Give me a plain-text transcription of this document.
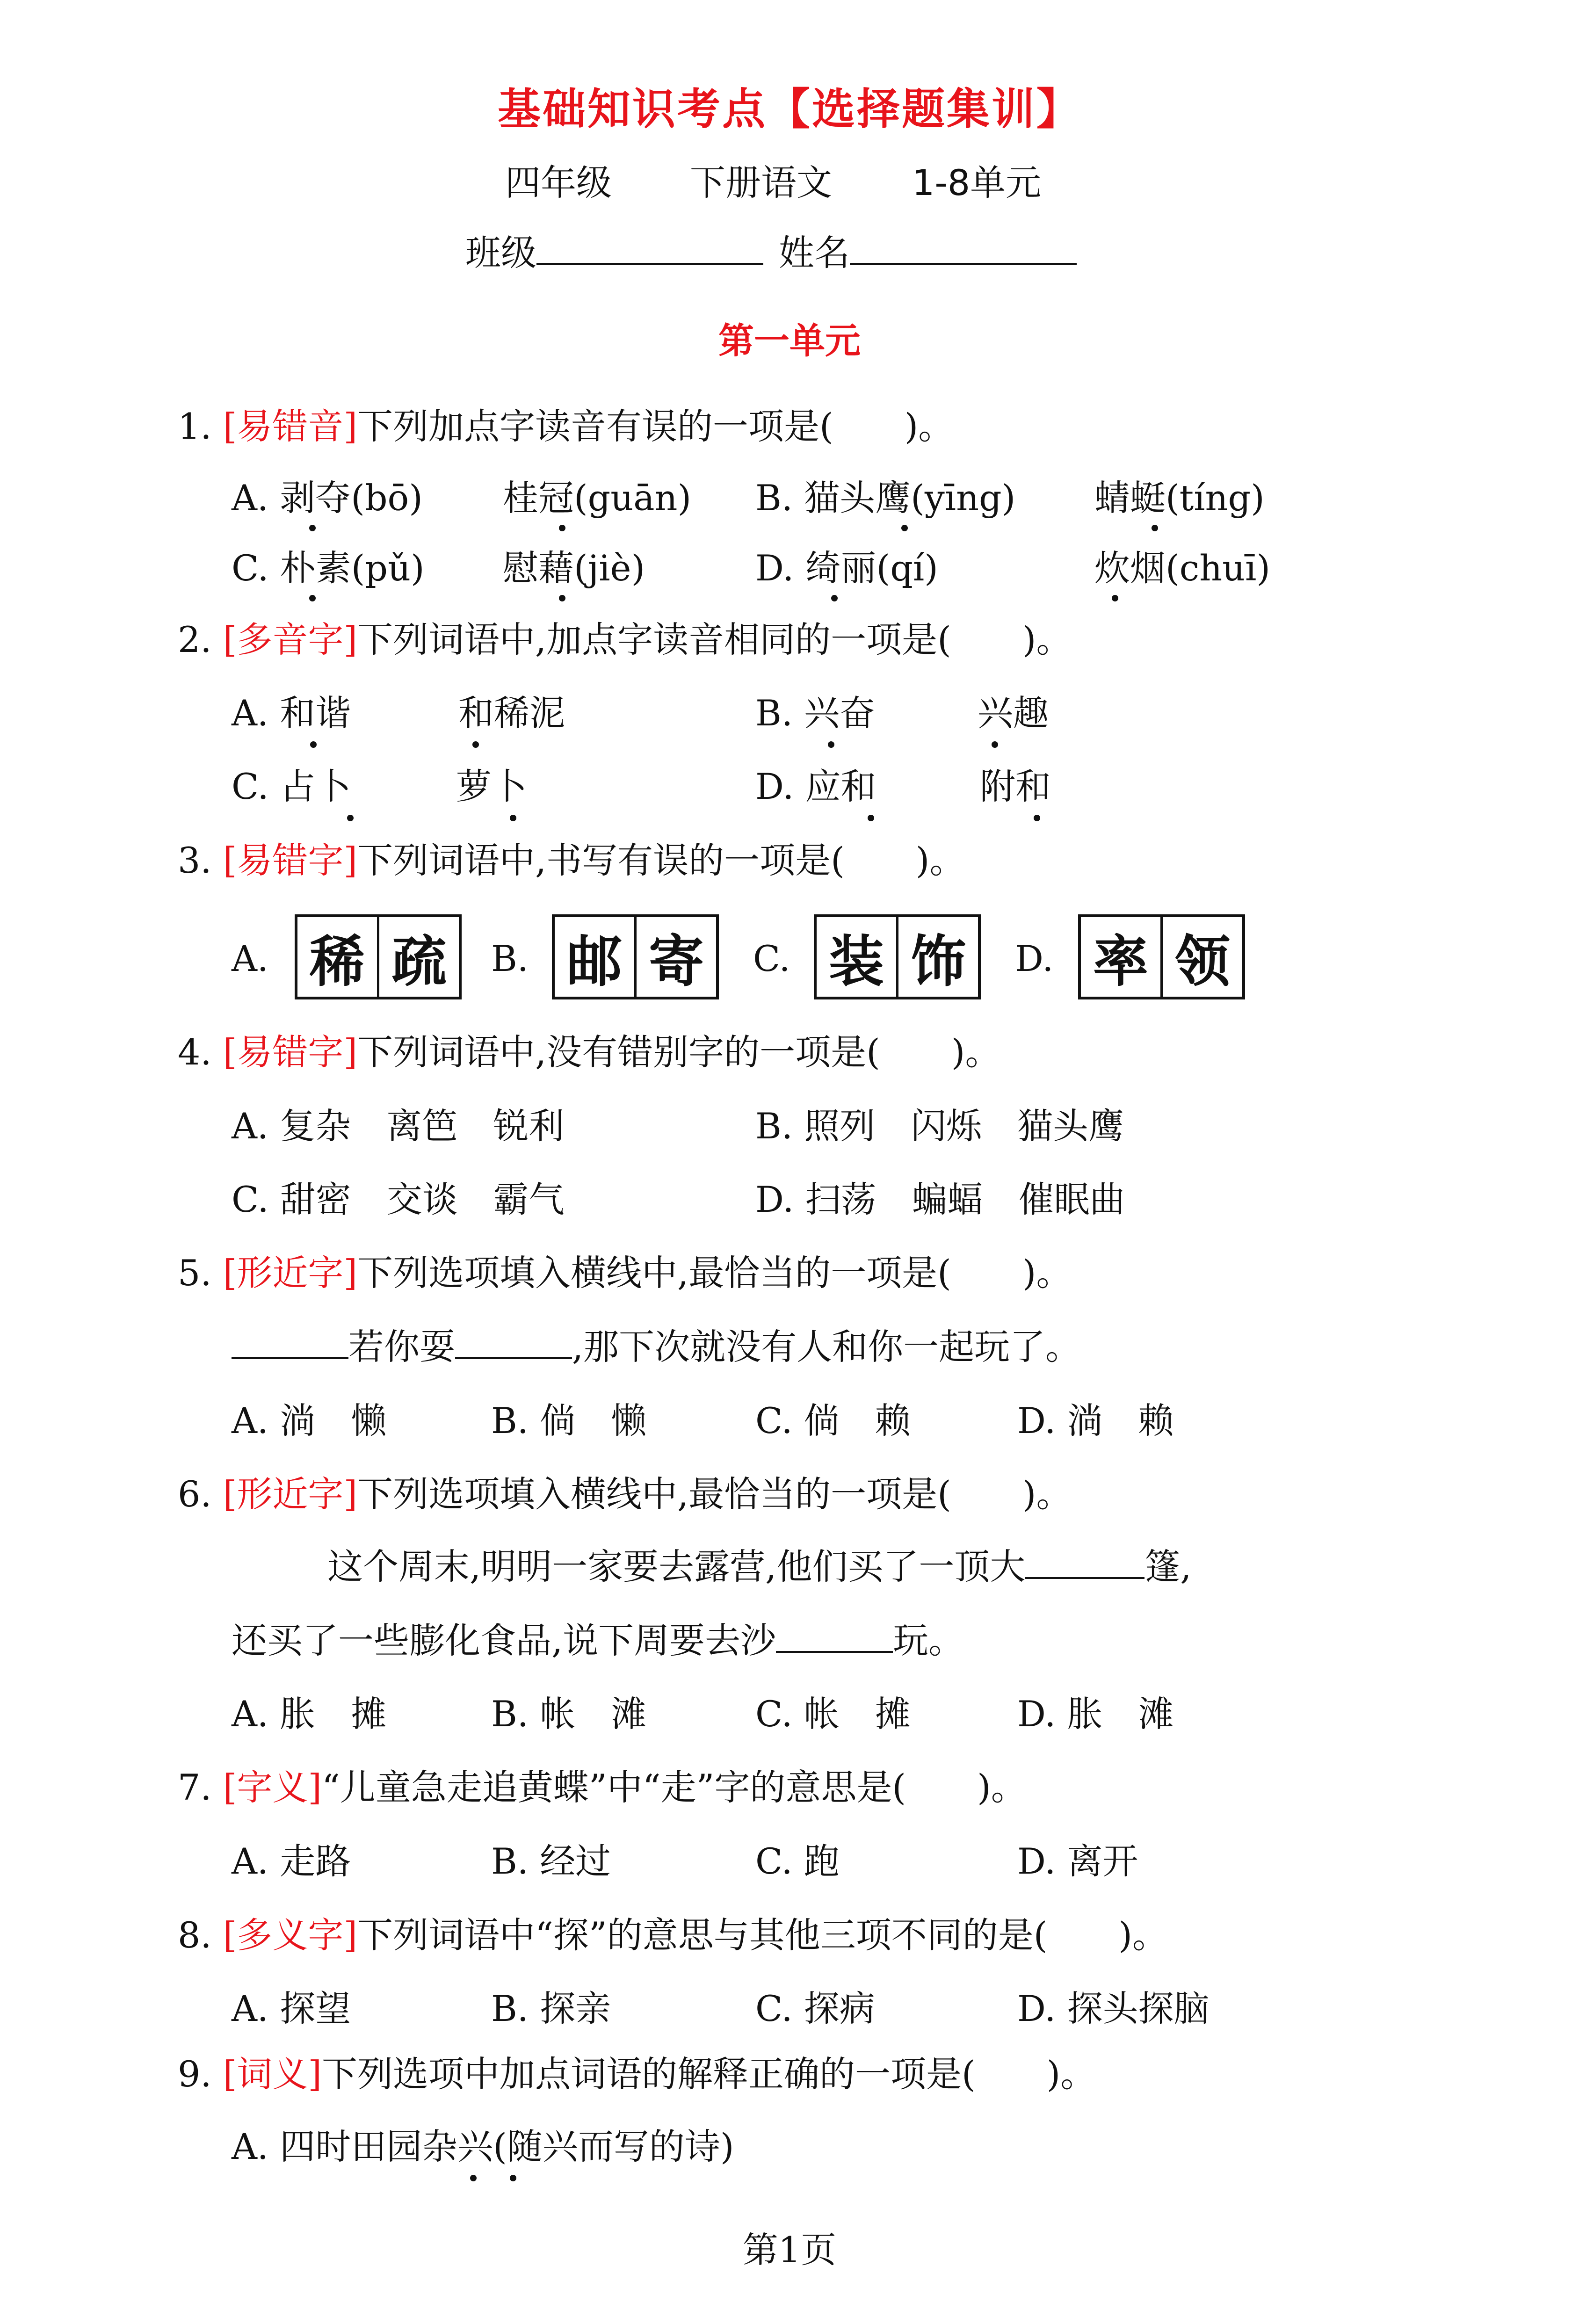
基础知识考点【选择题集训】
四年级 下册语文 1-8单元
班级	姓名
第一单元
1. [易错音]下列加点字读音有误的一项是(　　)。
A. 剥夺(bō) 桂冠(guān) B. 猫头鹰(yīng) 蜻蜓(tíng)
C. 朴素(pǔ) 慰藉(jiè)	D. 绮丽(qí)	炊烟(chuī)
2. [多音字]下列词语中,加点字读音相同的一项是(　　)。
A. 和谐	和稀泥	B. 兴奋	兴趣
C. 占卜	萝卜	D. 应和	附和
3. [易错字]下列词语中,书写有误的一项是(　　)。
A. 稀 疏	B. 邮 寄	C. 装 饰	D. 率 领
4. [易错字]下列词语中,没有错别字的一项是(　　)。
A. 复杂　离笆　锐利	B. 照列　闪烁　猫头鹰
C. 甜密　交谈　霸气	D. 扫荡　蝙蝠　催眠曲
5. [形近字]下列选项填入横线中,最恰当的一项是(　　)。
若你耍	,那下次就没有人和你一起玩了。
A. 淌　懒	B. 倘　懒	C. 倘　赖	D. 淌　赖
6. [形近字]下列选项填入横线中,最恰当的一项是(　　)。
这个周末,明明一家要去露营,他们买了一顶大	篷,
还买了一些膨化食品,说下周要去沙	玩。
A. 胀　摊	B. 帐　滩	C. 帐　摊	D. 胀　滩
7. [字义]“儿童急走追黄蝶”中“走”字的意思是(　　)。
A. 走路	B. 经过	C. 跑	D. 离开
8. [多义字]下列词语中“探”的意思与其他三项不同的是(　　)。
A. 探望	B. 探亲	C. 探病	D. 探头探脑
9. [词义]下列选项中加点词语的解释正确的一项是(　　)。
A. 四时田园杂兴(随兴而写的诗)
第1页
